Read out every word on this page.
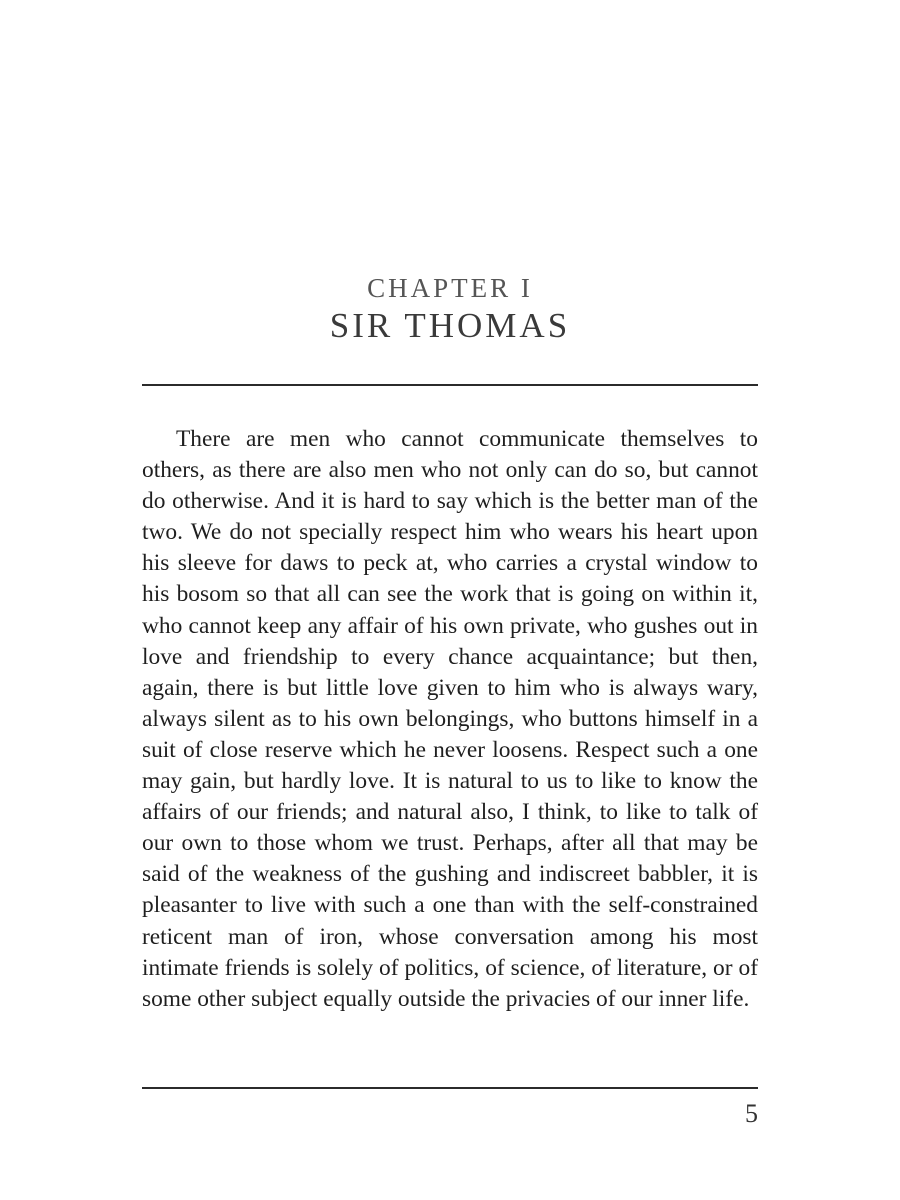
CHAPTER I
SIR THOMAS

There are men who cannot communicate themselves to others, as there are also men who not only can do so, but cannot do otherwise. And it is hard to say which is the better man of the two. We do not specially respect him who wears his heart upon his sleeve for daws to peck at, who carries a crystal window to his bosom so that all can see the work that is going on within it, who cannot keep any affair of his own private, who gushes out in love and friendship to every chance acquaintance; but then, again, there is but little love given to him who is always wary, always silent as to his own belongings, who buttons himself in a suit of close reserve which he never loosens. Respect such a one may gain, but hardly love. It is natural to us to like to know the affairs of our friends; and natural also, I think, to like to talk of our own to those whom we trust. Perhaps, after all that may be said of the weakness of the gushing and indiscreet babbler, it is pleasanter to live with such a one than with the self-constrained reticent man of iron, whose conversation among his most intimate friends is solely of politics, of science, of literature, or of some other subject equally outside the privacies of our inner life.

5
